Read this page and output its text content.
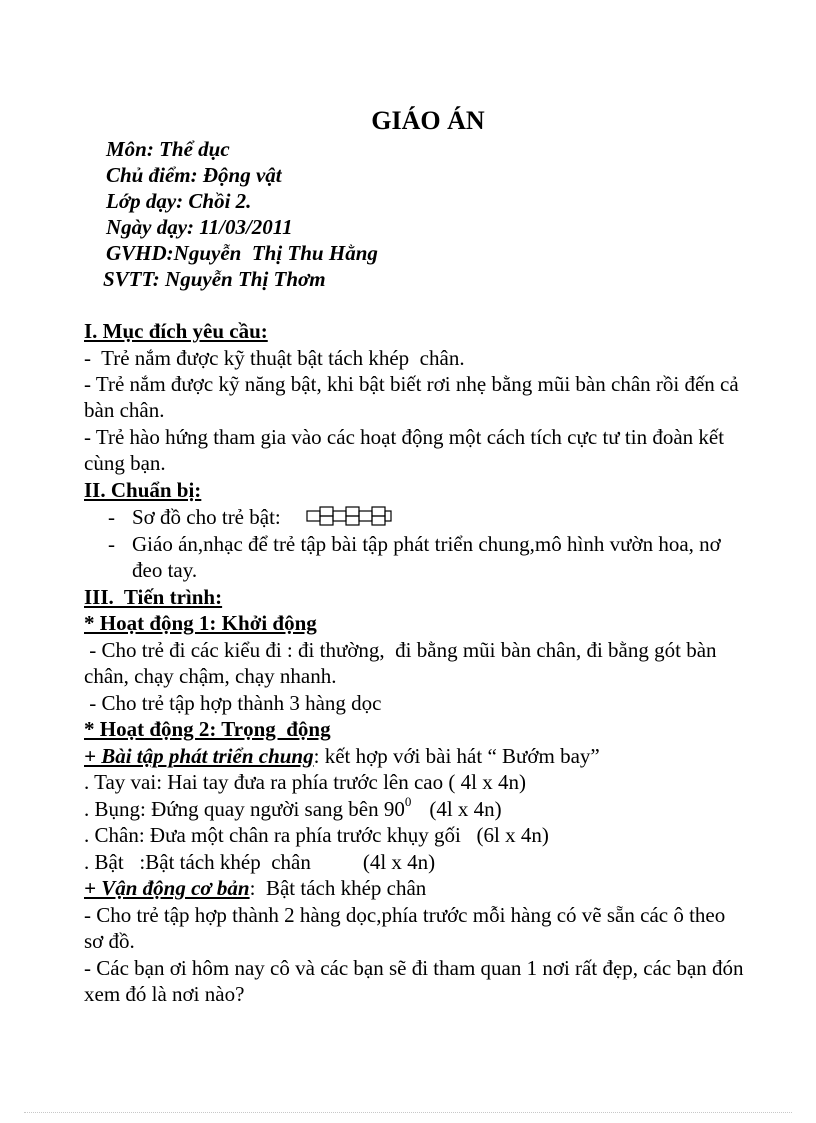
GIÁO ÁN
Môn: Thể dục
Chủ điểm: Động vật
Lớp dạy: Chồi 2.
Ngày dạy: 11/03/2011
GVHD:Nguyễn  Thị Thu Hằng
SVTT: Nguyễn Thị Thơm
I. Mục đích yêu cầu:
-  Trẻ nắm được kỹ thuật bật tách khép  chân.
- Trẻ nắm được kỹ năng bật, khi bật biết rơi nhẹ bằng mũi bàn chân rồi đến cả bàn chân.
- Trẻ hào hứng tham gia vào các hoạt động một cách tích cực tư tin đoàn kết cùng bạn.
II. Chuẩn bị:
- Sơ đồ cho trẻ bật:
- Giáo án,nhạc để trẻ tập bài tập phát triển chung,mô hình vườn hoa, nơ đeo tay.
III.  Tiến trình:
* Hoạt động 1: Khởi động
- Cho trẻ đi các kiểu đi : đi thường,  đi bằng mũi bàn chân, đi bằng gót bàn chân, chạy chậm, chạy nhanh.
- Cho trẻ tập hợp thành 3 hàng dọc
* Hoạt động 2: Trọng  động
+ Bài tập phát triển chung: kết hợp với bài hát “ Bướm bay”
. Tay vai: Hai tay đưa ra phía trước lên cao ( 4l x 4n)
. Bụng: Đứng quay người sang bên $90^0$ (4l x 4n)
. Chân: Đưa một chân ra phía trước khụy gối   (6l x 4n)
. Bật   :Bật tách khép  chân (4l x 4n)
+ Vận động cơ bản:  Bật tách khép chân
- Cho trẻ tập hợp thành 2 hàng dọc,phía trước mỗi hàng có vẽ sẵn các ô theo sơ đồ.
- Các bạn ơi hôm nay cô và các bạn sẽ đi tham quan 1 nơi rất đẹp, các bạn đón xem đó là nơi nào?
